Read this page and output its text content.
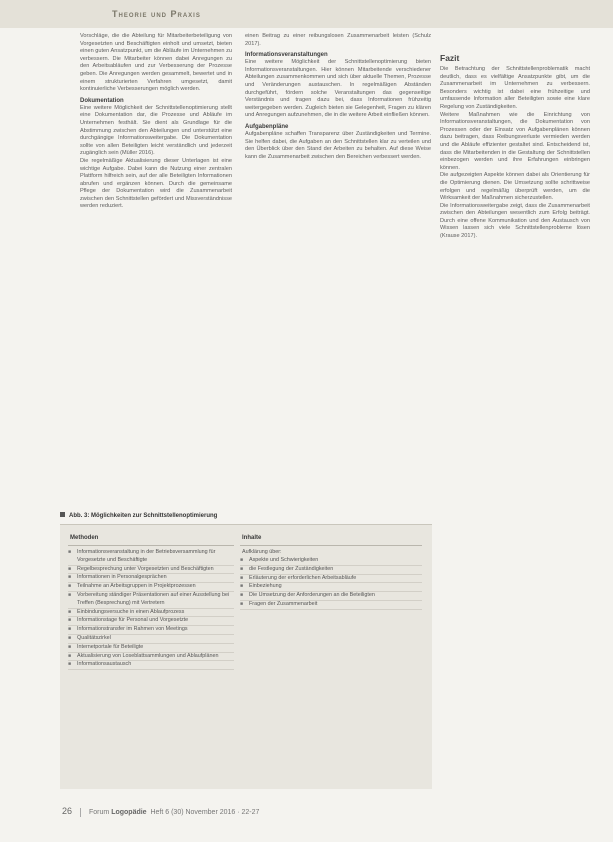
Theorie und Praxis

Vorschläge, die die Abteilung für Mitarbeiterbeteiligung von Vorgesetzten und Beschäftigten einholt und umsetzt, bieten einen guten Ansatzpunkt, um die Abläufe im Unternehmen zu verbessern. Die Mitarbeiter können dabei Anregungen zu den Arbeitsabläufen und zur Verbesserung der Prozesse geben. Die Anregungen werden gesammelt, bewertet und in einem strukturierten Verfahren umgesetzt, damit kontinuierliche Verbesserungen möglich werden.

Dokumentation

Eine weitere Möglichkeit der Schnittstellenoptimierung stellt eine Dokumentation dar, die Prozesse und Abläufe im Unternehmen festhält. Sie dient als Grundlage für die Abstimmung zwischen den Abteilungen und unterstützt eine durchgängige Informationsweitergabe. Die Dokumentation sollte von allen Beteiligten leicht verständlich und jederzeit zugänglich sein (Müller 2016).

Die regelmäßige Aktualisierung dieser Unterlagen ist eine wichtige Aufgabe. Dabei kann die Nutzung einer zentralen Plattform hilfreich sein, auf der alle Beteiligten Informationen abrufen und ergänzen können. Durch die gemeinsame Pflege der Dokumentation wird die Zusammenarbeit zwischen den Schnittstellen gefördert und Missverständnisse werden reduziert.

einen Beitrag zu einer reibungslosen Zusammenarbeit leisten (Schulz 2017).

Informationsveranstaltungen

Eine weitere Möglichkeit der Schnittstellenoptimierung bieten Informationsveranstaltungen. Hier können Mitarbeitende verschiedener Abteilungen zusammenkommen und sich über aktuelle Themen, Prozesse und Veränderungen austauschen. In regelmäßigen Abständen durchgeführt, fördern solche Veranstaltungen das gegenseitige Verständnis und tragen dazu bei, dass Informationen frühzeitig weitergegeben werden. Zugleich bieten sie Gelegenheit, Fragen zu klären und Anregungen aufzunehmen, die in die weitere Arbeit einfließen können.

Aufgabenpläne

Aufgabenpläne schaffen Transparenz über Zuständigkeiten und Termine. Sie helfen dabei, die Aufgaben an den Schnittstellen klar zu verteilen und den Überblick über den Stand der Arbeiten zu behalten. Auf diese Weise kann die Zusammenarbeit zwischen den Bereichen verbessert werden.

Fazit

Die Betrachtung der Schnittstellenproblematik macht deutlich, dass es vielfältige Ansatzpunkte gibt, um die Zusammenarbeit im Unternehmen zu verbessern. Besonders wichtig ist dabei eine frühzeitige und umfassende Information aller Beteiligten sowie eine klare Regelung von Zuständigkeiten.

Weitere Maßnahmen wie die Einrichtung von Informationsveranstaltungen, die Dokumentation von Prozessen oder der Einsatz von Aufgabenplänen können dazu beitragen, dass Reibungsverluste vermieden werden und die Abläufe effizienter gestaltet sind. Entscheidend ist, dass die Mitarbeitenden in die Gestaltung der Schnittstellen einbezogen werden und ihre Erfahrungen einbringen können.

Die aufgezeigten Aspekte können dabei als Orientierung für die Optimierung dienen. Die Umsetzung sollte schrittweise erfolgen und regelmäßig überprüft werden, um die Wirksamkeit der Maßnahmen sicherzustellen.

Die Informationsweitergabe zeigt, dass die Zusammenarbeit zwischen den Abteilungen wesentlich zum Erfolg beiträgt. Durch eine offene Kommunikation und den Austausch von Wissen lassen sich viele Schnittstellenprobleme lösen (Krause 2017).

Abb. 3: Möglichkeiten zur Schnittstellenoptimierung
Methoden	Inhalte
■ Informationsveranstaltung in der Betriebsversammlung für Vorgesetzte und Beschäftigte
■ Regelbesprechung unter Vorgesetzten und Beschäftigten
■ Informationen in Personalgesprächen
■ Teilnahme an Arbeitsgruppen in Projektprozessen
■ Vorbereitung ständiger Präsentationen auf einer Ausstellung bei Treffen (Besprechung) mit Vertretern
■ Einbindungsversuche in einen Ablaufprozess
■ Informationstage für Personal und Vorgesetzte
■ Informationstransfer im Rahmen von Meetings
■ Qualitätszirkel
■ Internetportale für Beteiligte
■ Aktualisierung von Loseblattsammlungen und Ablaufplänen
■ Informationsaustausch
Aufklärung über:
■ Aspekte und Schwierigkeiten
■ die Festlegung der Zuständigkeiten
■ Erläuterung der erforderlichen Arbeitsabläufe
■ Einbeziehung
■ Die Umsetzung der Anforderungen an die Beteiligten
■ Fragen der Zusammenarbeit
26 Forum Logopädie Heft 6 (30) November 2016 · 22-27
